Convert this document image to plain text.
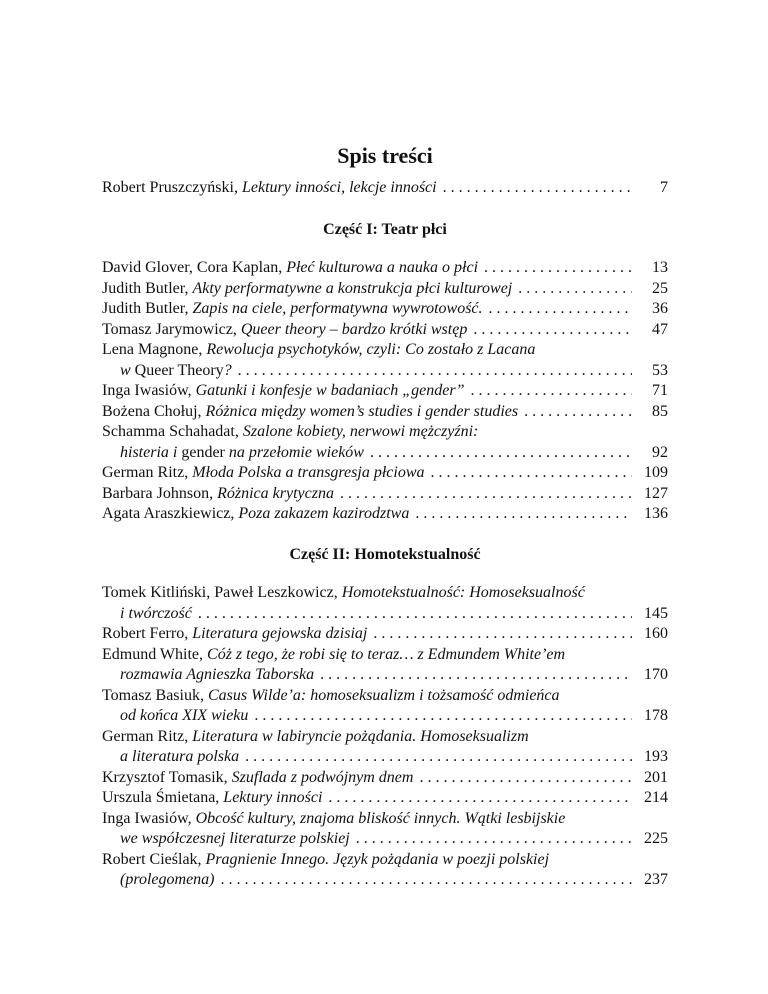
Spis treści
Robert Pruszczyński, Lektury inności, lekcje inności . . .	7
Część I: Teatr płci
David Glover, Cora Kaplan, Płeć kulturowa a nauka o płci . . .	13
Judith Butler, Akty performatywne a konstrukcja płci kulturowej . . .	25
Judith Butler, Zapis na ciele, performatywna wywrotowość. . . .	36
Tomasz Jarymowicz, Queer theory – bardzo krótki wstęp . . .	47
Lena Magnone, Rewolucja psychotyków, czyli: Co zostało z Lacana
w Queer Theory? . . .	53
Inga Iwasiów, Gatunki i konfesje w badaniach „gender” . . .	71
Bożena Chołuj, Różnica między women’s studies i gender studies . . .	85
Schamma Schahadat, Szalone kobiety, nerwowi mężczyźni:
histeria i gender na przełomie wieków . . .	92
German Ritz, Młoda Polska a transgresja płciowa . . .	109
Barbara Johnson, Różnica krytyczna . . .	127
Agata Araszkiewicz, Poza zakazem kazirodztwa . . .	136
Część II: Homotekstualność
Tomek Kitliński, Paweł Leszkowicz, Homotekstualność: Homoseksualność
i twórczość . . .	145
Robert Ferro, Literatura gejowska dzisiaj . . .	160
Edmund White, Cóż z tego, że robi się to teraz… z Edmundem White’em
rozmawia Agnieszka Taborska . . .	170
Tomasz Basiuk, Casus Wilde’a: homoseksualizm i tożsamość odmieńca
od końca XIX wieku . . .	178
German Ritz, Literatura w labiryncie pożądania. Homoseksualizm
a literatura polska . . .	193
Krzysztof Tomasik, Szuflada z podwójnym dnem . . .	201
Urszula Śmietana, Lektury inności . . .	214
Inga Iwasiów, Obcość kultury, znajoma bliskość innych. Wątki lesbijskie
we współczesnej literaturze polskiej . . .	225
Robert Cieślak, Pragnienie Innego. Język pożądania w poezji polskiej
(prolegomena) . . .	237
